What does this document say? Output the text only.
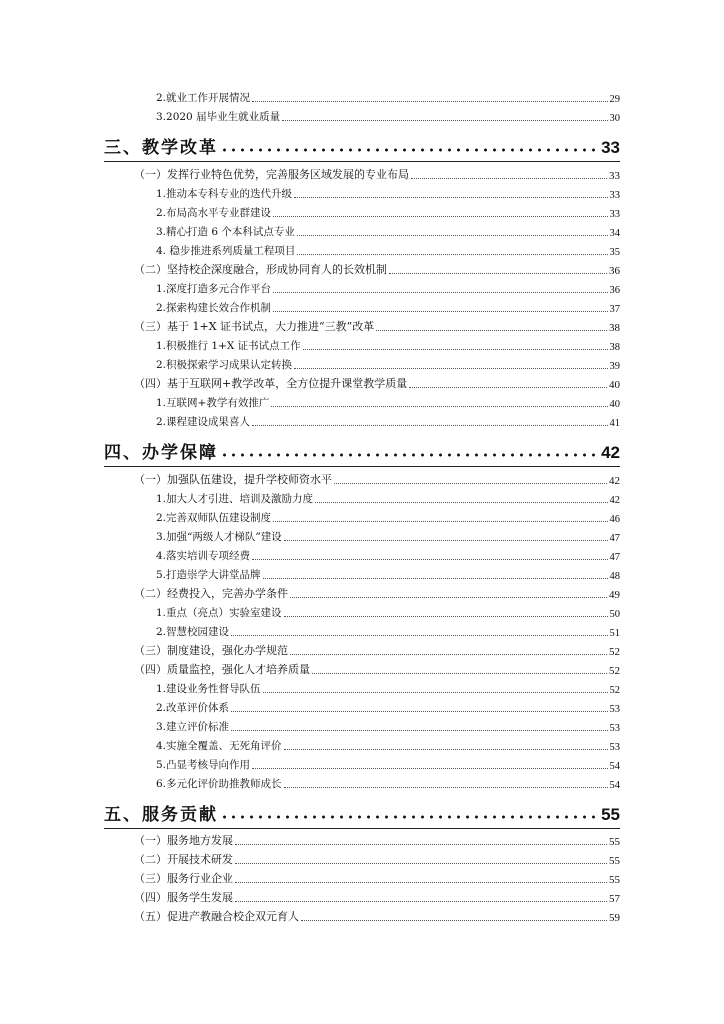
2.就业工作开展情况	29
3.2020 届毕业生就业质量	30
三、教学改革	33
（一）发挥行业特色优势，完善服务区域发展的专业布局	33
1.推动本专科专业的迭代升级	33
2.布局高水平专业群建设	33
3.精心打造 6 个本科试点专业	34
4. 稳步推进系列质量工程项目	35
（二）坚持校企深度融合，形成协同育人的长效机制	36
1.深度打造多元合作平台	36
2.探索构建长效合作机制	37
（三）基于 1+X 证书试点，大力推进“三教”改革	38
1.积极推行 1+X 证书试点工作	38
2.积极探索学习成果认定转换	39
（四）基于互联网+教学改革，全方位提升课堂教学质量	40
1.互联网+教学有效推广	40
2.课程建设成果喜人	41
四、办学保障	42
（一）加强队伍建设，提升学校师资水平	42
1.加大人才引进、培训及激励力度	42
2.完善双师队伍建设制度	46
3.加强“两级人才梯队”建设	47
4.落实培训专项经费	47
5.打造崇学大讲堂品牌	48
（二）经费投入，完善办学条件	49
1.重点（亮点）实验室建设	50
2.智慧校园建设	51
（三）制度建设，强化办学规范	52
（四）质量监控，强化人才培养质量	52
1.建设业务性督导队伍	52
2.改革评价体系	53
3.建立评价标准	53
4.实施全覆盖、无死角评价	53
5.凸显考核导向作用	54
6.多元化评价助推教师成长	54
五、服务贡献	55
（一）服务地方发展	55
（二）开展技术研发	55
（三）服务行业企业	55
（四）服务学生发展	57
（五）促进产教融合校企双元育人	59
